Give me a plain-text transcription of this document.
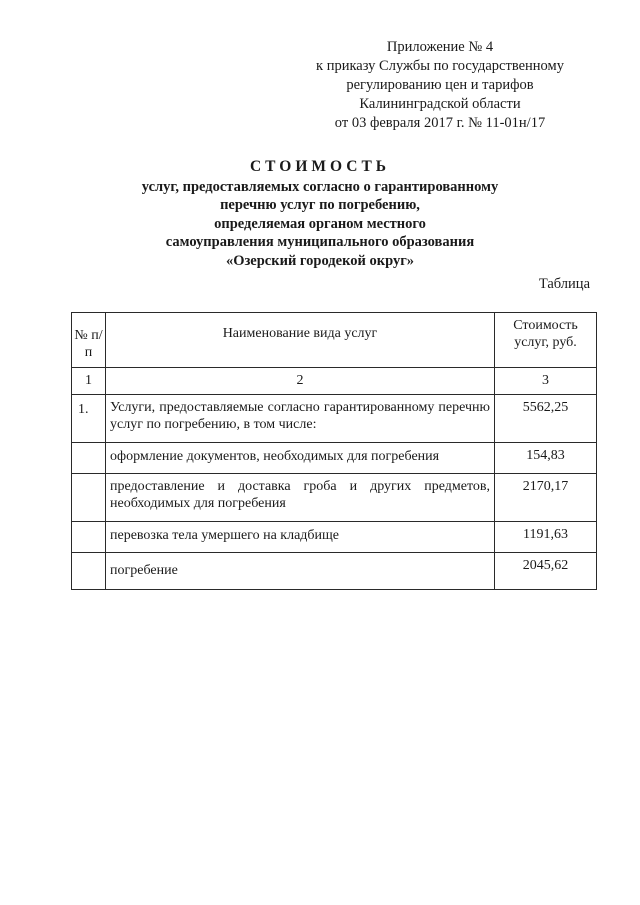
Приложение № 4
к приказу Службы по государственному
регулированию цен и тарифов
Калининградской области
от 03 февраля 2017 г. № 11-01н/17
СТОИМОСТЬ
услуг, предоставляемых согласно о гарантированному
перечню услуг по погребению,
определяемая органом местного
самоуправления муниципального образования
«Озерский городекой округ»
Таблица
№ п/п	Наименование вида услуг	Стоимость услуг, руб.
1	2	3
1.	Услуги, предоставляемые согласно гарантированному перечню услуг по погребению, в том числе:	5562,25
	оформление документов, необходимых для погребения	154,83
	предоставление и доставка гроба и других предметов, необходимых для погребения	2170,17
	перевозка тела умершего на кладбище	1191,63
	погребение	2045,62
